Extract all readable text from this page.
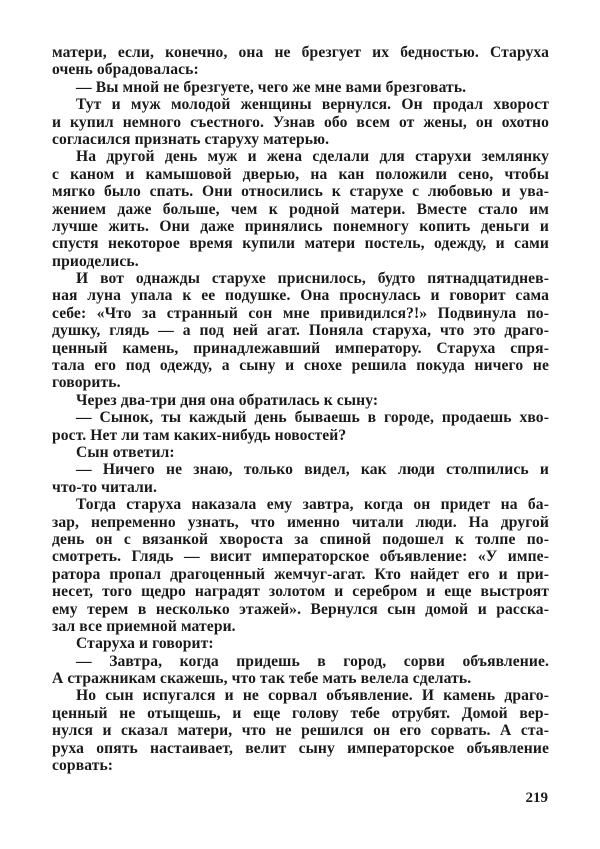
матери, если, конечно, она не брезгует их бедностью. Старуха
очень обрадовалась:
— Вы мной не брезгуете, чего же мне вами брезговать.
Тут и муж молодой женщины вернулся. Он продал хворост
и купил немного съестного. Узнав обо всем от жены, он охотно
согласился признать старуху матерью.
На другой день муж и жена сделали для старухи землянку
с каном и камышовой дверью, на кан положили сено, чтобы
мягко было спать. Они относились к старухе с любовью и ува-
жением даже больше, чем к родной матери. Вместе стало им
лучше жить. Они даже принялись понемногу копить деньги и
спустя некоторое время купили матери постель, одежду, и сами
приоделись.
И вот однажды старухе приснилось, будто пятнадцатиднев-
ная луна упала к ее подушке. Она проснулась и говорит сама
себе: «Что за странный сон мне привидился?!» Подвинула по-
душку, глядь — а под ней агат. Поняла старуха, что это драго-
ценный камень, принадлежавший императору. Старуха спря-
тала его под одежду, а сыну и снохе решила покуда ничего не
говорить.
Через два-три дня она обратилась к сыну:
— Сынок, ты каждый день бываешь в городе, продаешь хво-
рост. Нет ли там каких-нибудь новостей?
Сын ответил:
— Ничего не знаю, только видел, как люди столпились и
что-то читали.
Тогда старуха наказала ему завтра, когда он придет на ба-
зар, непременно узнать, что именно читали люди. На другой
день он с вязанкой хвороста за спиной подошел к толпе по-
смотреть. Глядь — висит императорское объявление: «У импе-
ратора пропал драгоценный жемчуг-агат. Кто найдет его и при-
несет, того щедро наградят золотом и серебром и еще выстроят
ему терем в несколько этажей». Вернулся сын домой и расска-
зал все приемной матери.
Старуха и говорит:
— Завтра, когда придешь в город, сорви объявление.
А стражникам скажешь, что так тебе мать велела сделать.
Но сын испугался и не сорвал объявление. И камень драго-
ценный не отыщешь, и еще голову тебе отрубят. Домой вер-
нулся и сказал матери, что не решился он его сорвать. А ста-
руха опять настаивает, велит сыну императорское объявление
сорвать:
219
